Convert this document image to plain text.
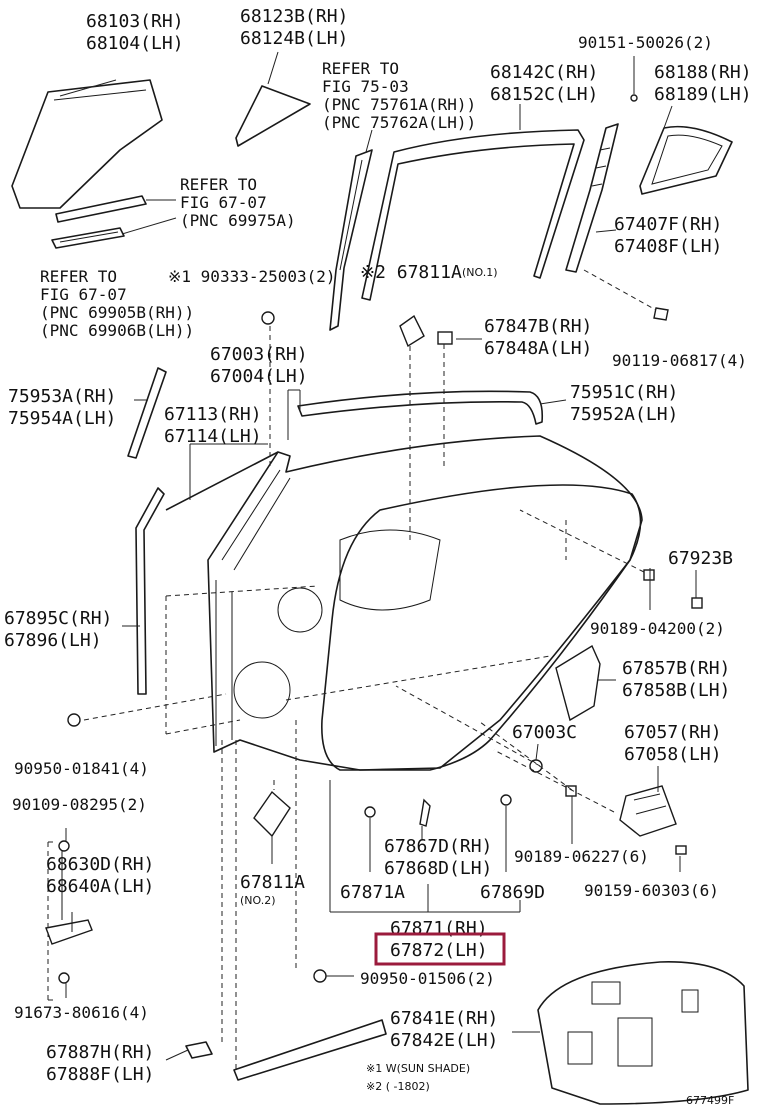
68103(RH)
68104(LH)
68123B(RH)
68124B(LH)
REFER TO
FIG 75-03
(PNC 75761A(RH))
(PNC 75762A(LH))
90151-50026(2)
68142C(RH)
68152C(LH)
68188(RH)
68189(LH)
REFER TO
FIG 67-07
(PNC 69975A)	67407F(RH)
67408F(LH)
REFER TO
FIG 67-07
(PNC 69905B(RH))
(PNC 69906B(LH))
※1 90333-25003(2) ※2 67811A (NO.1)
67847B(RH)
67848A(LH)
90119-06817(4)
67003(RH)
67004(LH)
75953A(RH)
75954A(LH)	67113(RH)
67114(LH)
75951C(RH)
75952A(LH)
67923B
67895C(RH)
67896(LH)
90189-04200(2)
67857B(RH)
67858B(LH)
67003C	67057(RH)
67058(LH)
90950-01841(4)
90109-08295(2)
67867D(RH)
67868D(LH)
68630D(RH)
68640A(LH)
90189-06227(6)
67811A
(NO.2)	67871A	67869D 90159-60303(6)
67871(RH)
67872(LH)
90950-01506(2)
91673-80616(4)	67841E(RH)
67842E(LH)
67887H(RH)
67888F(LH)	※1 W(SUN SHADE)
※2 ( -1802)
677499F
